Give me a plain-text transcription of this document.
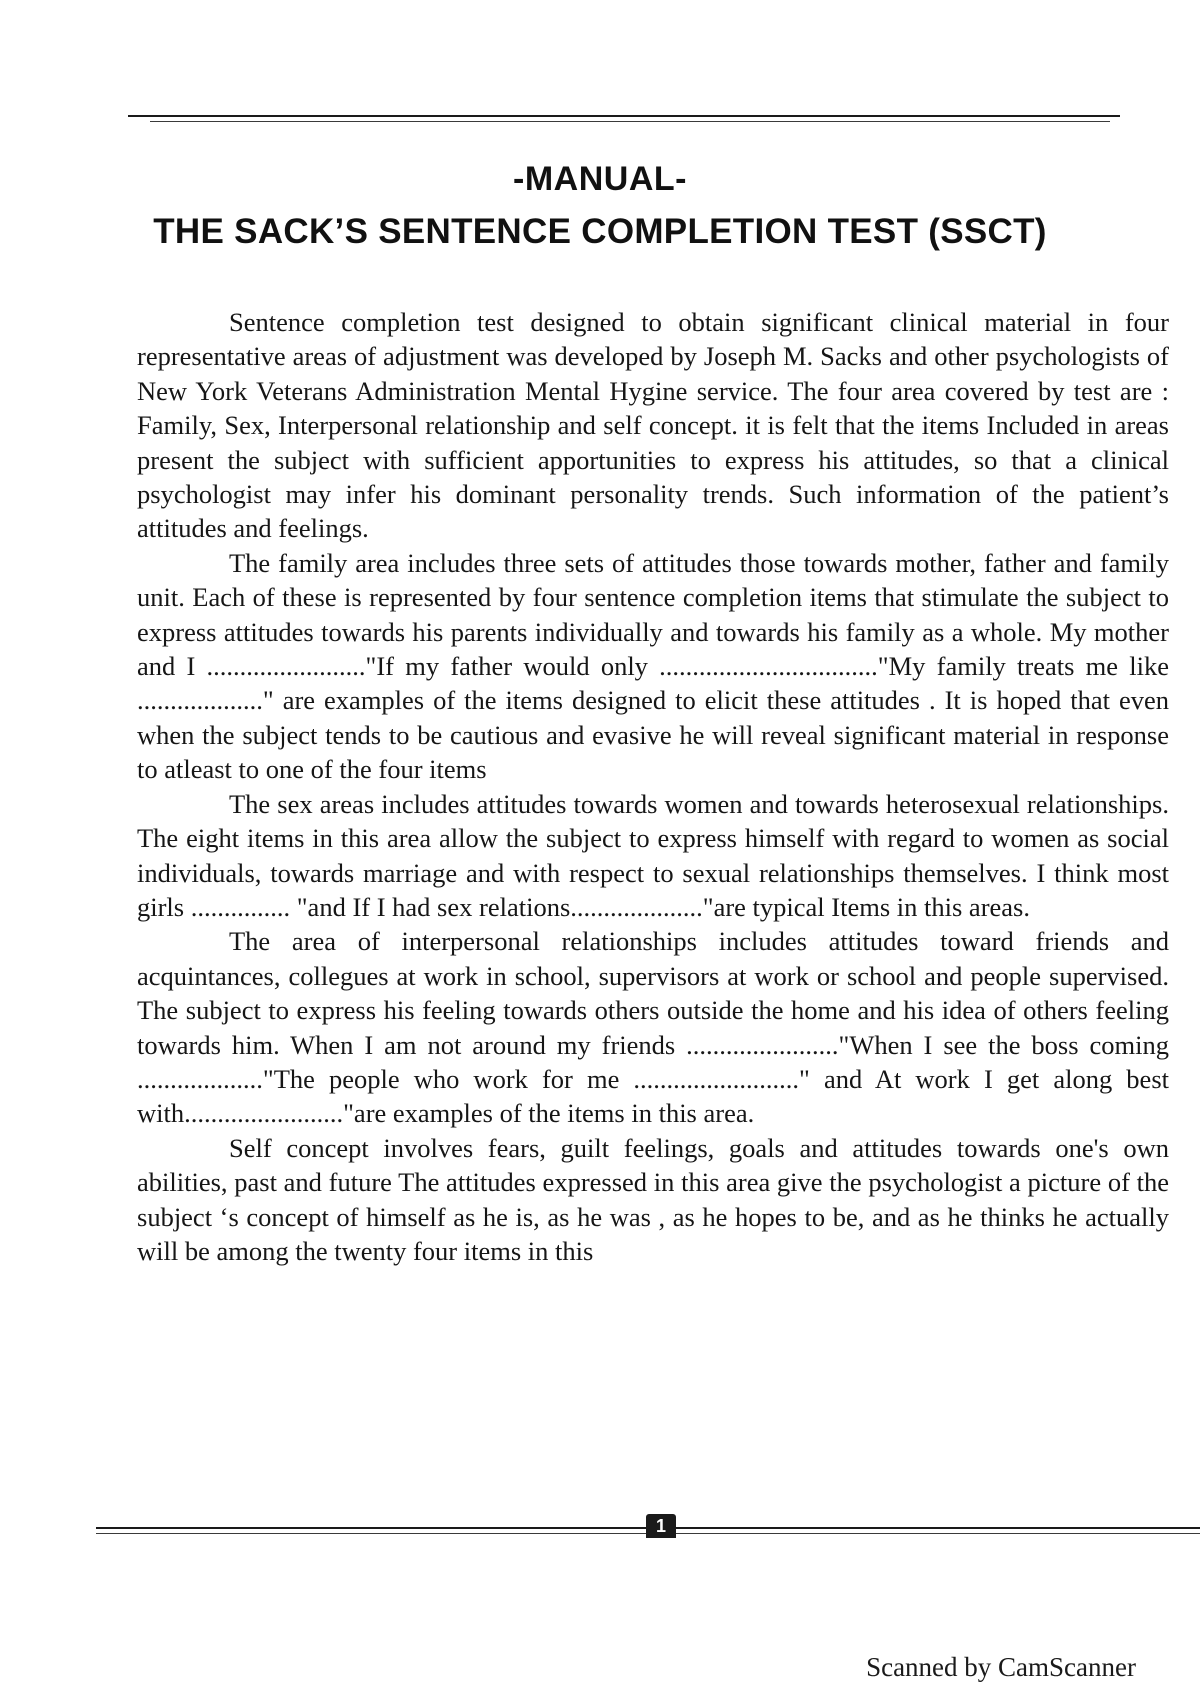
-MANUAL-
THE SACK’S SENTENCE COMPLETION TEST (SSCT)

Sentence completion test designed to obtain significant clinical material in four representative areas of adjustment was developed by Joseph M. Sacks and other psychologists of New York Veterans Administration Mental Hygine service. The four area covered by test are : Family, Sex, Interpersonal relationship and self concept. it is felt that the items Included in areas present the subject with sufficient apportunities to express his attitudes, so that a clinical psychologist may infer his dominant personality trends. Such information of the patient’s attitudes and feelings.

The family area includes three sets of attitudes those towards mother, father and family unit. Each of these is represented by four sentence completion items that stimulate the subject to express attitudes towards his parents individually and towards his family as a whole. My mother and I ........................"If my father would only ................................."My family treats me like ..................." are examples of the items designed to elicit these attitudes . It is hoped that even when the subject tends to be cautious and evasive he will reveal significant material in response to atleast to one of the four items

The sex areas includes attitudes towards women and towards heterosexual relationships. The eight items in this area allow the subject to express himself with regard to women as social individuals, towards marriage and with respect to sexual relationships themselves. I think most girls ............... "and If I had sex relations...................."are typical Items in this areas.

The area of interpersonal relationships includes attitudes toward friends and acquintances, collegues at work in school, supervisors at work or school and people supervised. The subject to express his feeling towards others outside the home and his idea of others feeling towards him. When I am not around my friends ......................."When I see the boss coming ..................."The people who work for me ........................." and At work I get along best with........................"are examples of the items in this area.

Self concept involves fears, guilt feelings, goals and attitudes towards one's own abilities, past and future The attitudes expressed in this area give the psychologist a picture of the subject ‘s concept of himself as he is, as he was , as he hopes to be, and as he thinks he actually will be among the twenty four items in this

1
Scanned by CamScanner
